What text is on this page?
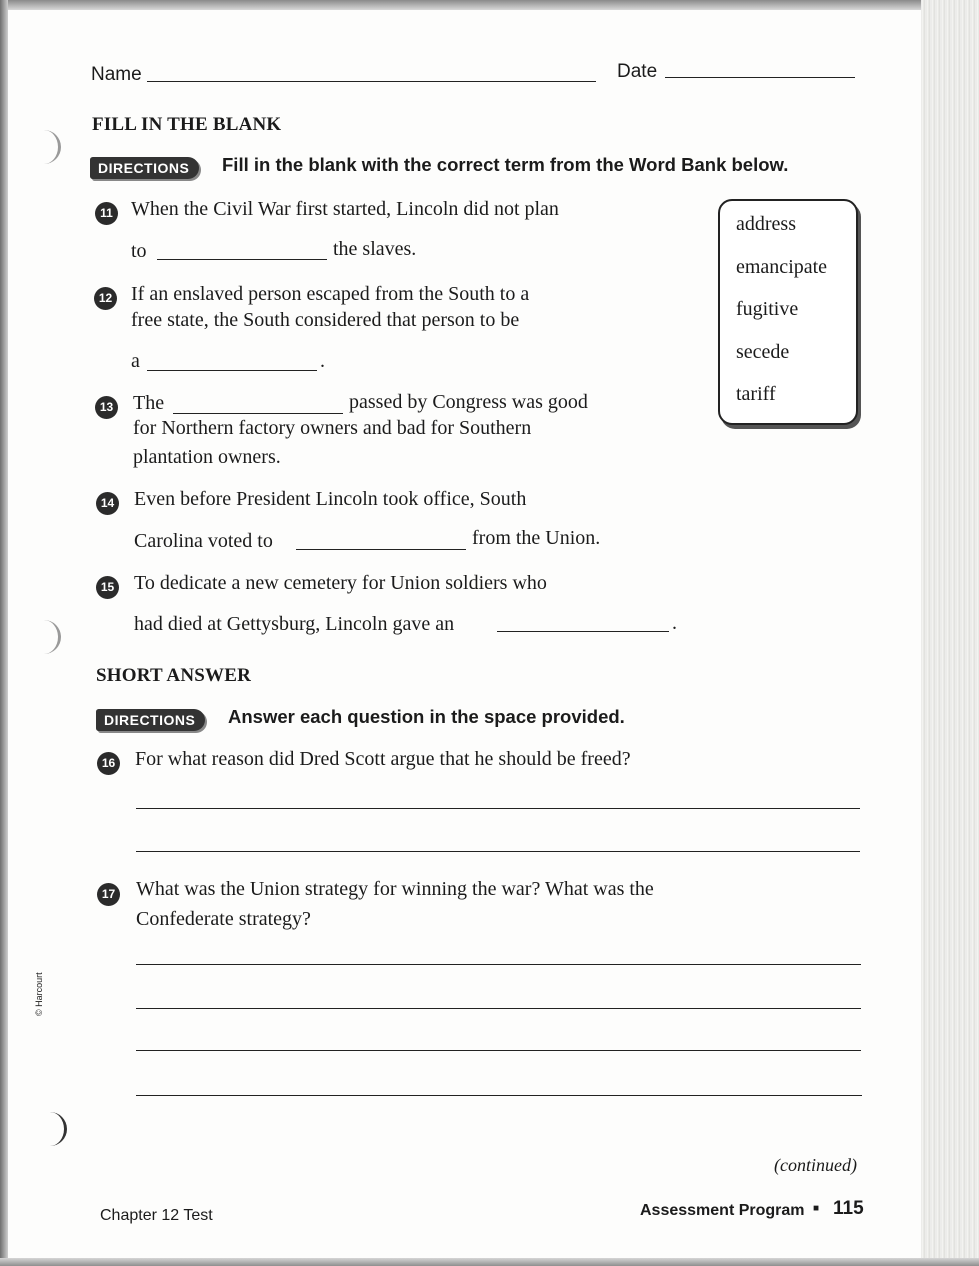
Name	Date
FILL IN THE BLANK
DIRECTIONS	Fill in the blank with the correct term from the Word Bank below.
11 When the Civil War first started, Lincoln did not plan
to	the slaves.
12 If an enslaved person escaped from the South to a
free state, the South considered that person to be
a	.
13 The	passed by Congress was good
for Northern factory owners and bad for Southern
plantation owners.
14 Even before President Lincoln took office, South
Carolina voted to	from the Union.
15 To dedicate a new cemetery for Union soldiers who
had died at Gettysburg, Lincoln gave an	.
address
emancipate
fugitive
secede
tariff
SHORT ANSWER
DIRECTIONS	Answer each question in the space provided.
16 For what reason did Dred Scott argue that he should be freed?
17 What was the Union strategy for winning the war? What was the
Confederate strategy?
(continued)
Chapter 12 Test	Assessment Program ■ 115
© Harcourt
